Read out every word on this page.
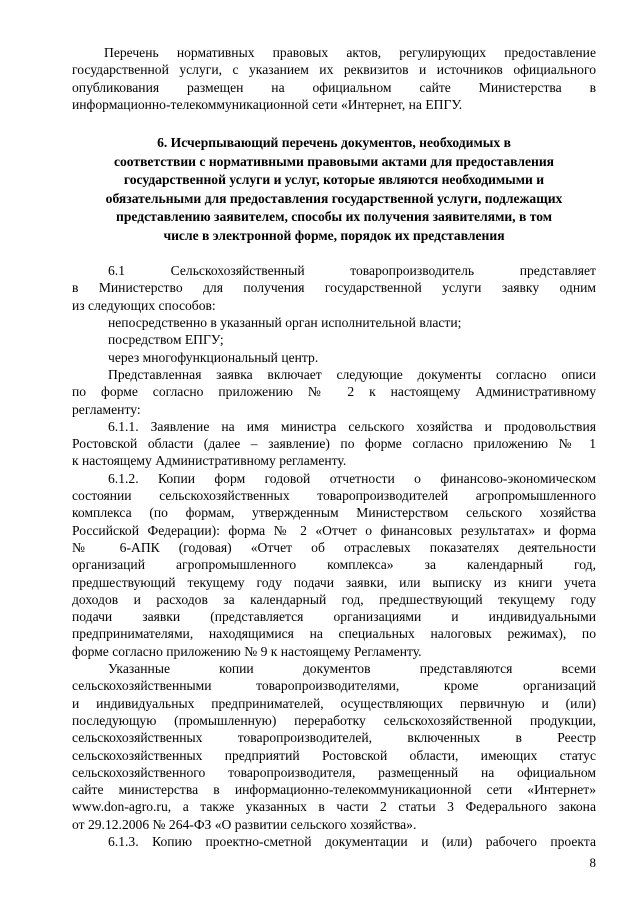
Перечень нормативных правовых актов, регулирующих предоставление
государственной услуги, с указанием их реквизитов и источников официального
опубликования размещен на официальном сайте Министерства в
информационно-телекоммуникационной сети «Интернет, на ЕПГУ.
6. Исчерпывающий перечень документов, необходимых в
соответствии с нормативными правовыми актами для предоставления
государственной услуги и услуг, которые являются необходимыми и
обязательными для предоставления государственной услуги, подлежащих
представлению заявителем, способы их получения заявителями, в том
числе в электронной форме, порядок их представления
6.1 Сельскохозяйственный товаропроизводитель представляет
в Министерство для получения государственной услуги заявку одним
из следующих способов:
непосредственно в указанный орган исполнительной власти;
посредством ЕПГУ;
через многофункциональный центр.
Представленная заявка включает следующие документы согласно описи
по форме согласно приложению № 2 к настоящему Административному
регламенту:
6.1.1. Заявление на имя министра сельского хозяйства и продовольствия
Ростовской области (далее – заявление) по форме согласно приложению № 1
к настоящему Административному регламенту.
6.1.2. Копии форм годовой отчетности о финансово-экономическом
состоянии сельскохозяйственных товаропроизводителей агропромышленного
комплекса (по формам, утвержденным Министерством сельского хозяйства
Российской Федерации): форма № 2 «Отчет о финансовых результатах» и форма
№ 6-АПК (годовая) «Отчет об отраслевых показателях деятельности
организаций агропромышленного комплекса» за календарный год,
предшествующий текущему году подачи заявки, или выписку из книги учета
доходов и расходов за календарный год, предшествующий текущему году
подачи заявки (представляется организациями и индивидуальными
предпринимателями, находящимися на специальных налоговых режимах), по
форме согласно приложению № 9 к настоящему Регламенту.
Указанные копии документов представляются всеми
сельскохозяйственными товаропроизводителями, кроме организаций
и индивидуальных предпринимателей, осуществляющих первичную и (или)
последующую (промышленную) переработку сельскохозяйственной продукции,
сельскохозяйственных товаропроизводителей, включенных в Реестр
сельскохозяйственных предприятий Ростовской области, имеющих статус
сельскохозяйственного товаропроизводителя, размещенный на официальном
сайте министерства в информационно-телекоммуникационной сети «Интернет»
www.don-agro.ru, а также указанных в части 2 статьи 3 Федерального закона
от 29.12.2006 № 264-ФЗ «О развитии сельского хозяйства».
6.1.3. Копию проектно-сметной документации и (или) рабочего проекта
8
